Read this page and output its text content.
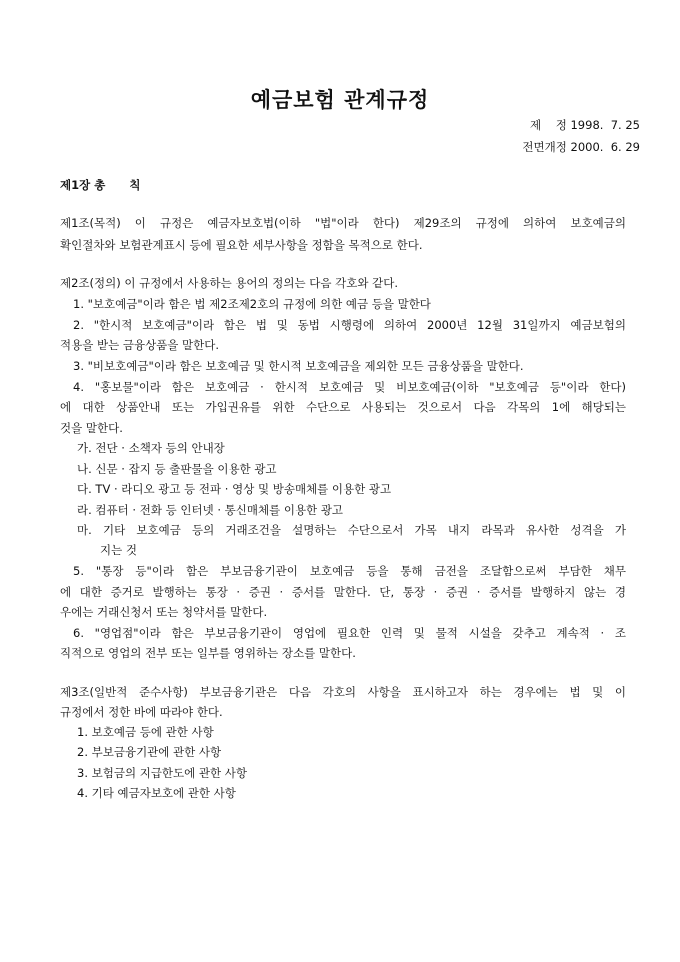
예금보험 관계규정
제    정 1998.  7. 25
전면개정 2000.  6. 29
제1장 총      칙
제1조(목적) 이 규정은 예금자보호법(이하 "법"이라 한다) 제29조의 규정에 의하여 보호예금의
확인절차와 보험관계표시 등에 필요한 세부사항을 정함을 목적으로 한다.
제2조(정의) 이 규정에서 사용하는 용어의 정의는 다음 각호와 같다.
1. "보호예금"이라 함은 법 제2조제2호의 규정에 의한 예금 등을 말한다
2. "한시적 보호예금"이라 함은 법 및 동법 시행령에 의하여 2000년 12월 31일까지 예금보험의
적용을 받는 금융상품을 말한다.
3. "비보호예금"이라 함은 보호예금 및 한시적 보호예금을 제외한 모든 금융상품을 말한다.
4. "홍보물"이라 함은 보호예금 · 한시적 보호예금 및 비보호예금(이하 "보호예금 등"이라 한다)
에 대한 상품안내 또는 가입권유를 위한 수단으로 사용되는 것으로서 다음 각목의 1에 해당되는
것을 말한다.
가. 전단 · 소책자 등의 안내장
나. 신문 · 잡지 등 출판물을 이용한 광고
다. TV · 라디오 광고 등 전파 · 영상 및 방송매체를 이용한 광고
라. 컴퓨터 · 전화 등 인터넷 · 통신매체를 이용한 광고
마. 기타 보호예금 등의 거래조건을 설명하는 수단으로서 가목 내지 라목과 유사한 성격을 가
지는 것
5. "통장 등"이라 함은 부보금융기관이 보호예금 등을 통해 금전을 조달함으로써 부담한 채무
에 대한 증거로 발행하는 통장 · 증권 · 증서를 말한다. 단, 통장 · 증권 · 증서를 발행하지 않는 경
우에는 거래신청서 또는 청약서를 말한다.
6. "영업점"이라 함은 부보금융기관이 영업에 필요한 인력 및 물적 시설을 갖추고 계속적 · 조
직적으로 영업의 전부 또는 일부를 영위하는 장소를 말한다.
제3조(일반적 준수사항) 부보금융기관은 다음 각호의 사항을 표시하고자 하는 경우에는 법 및 이
규정에서 정한 바에 따라야 한다.
1. 보호예금 등에 관한 사항
2. 부보금융기관에 관한 사항
3. 보험금의 지급한도에 관한 사항
4. 기타 예금자보호에 관한 사항
